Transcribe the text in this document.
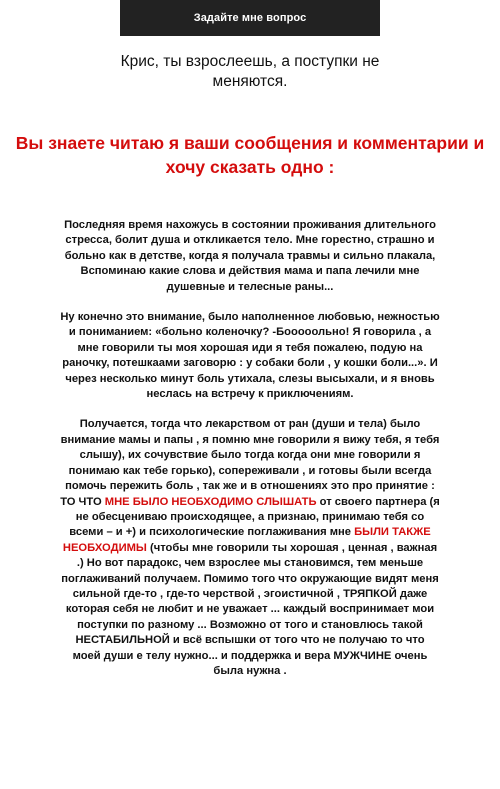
Задайте мне вопрос
Крис, ты взрослеешь, а поступки не меняются.
Вы знаете читаю я ваши сообщения и комментарии и хочу сказать одно :

Последняя время нахожусь в состоянии проживания длительного стресса, болит душа и откликается тело. Мне горестно, страшно и больно как в детстве, когда я получала травмы и сильно плакала, Вспоминаю какие слова и действия мама и папа лечили мне душевные и телесные раны...

Ну конечно это внимание, было наполненное любовью, нежностью и пониманием: «больно коленочку? -Бооооольно! Я говорила , а мне говорили ты моя хорошая иди я тебя пожалею, подую на ранoчку, потешкаами заговорю : у собаки боли , у кошки боли...». И через несколько минут боль утихала, слезы высыхали, и я вновь неслась на встречу к приключениям.

Получается, тогда что лекарством от ран (души и тела) было внимание мамы и папы , я помню мне говорили я вижу тебя, я тебя слышу), их сочувствие было тогда когда они мне говорили я понимаю как тебе горько), сопереживали , и готовы были всегда помочь пережить боль , так же и в отношениях это про принятие : ТО ЧТО МНЕ БЫЛО НЕОБХОДИМО СЛЫШАТЬ от своего партнера (я не обесцениваю происходящее, а признаю, принимаю тебя со всеми – и +) и психологические поглаживания мне БЫЛИ ТАКЖЕ НЕОБХОДИМЫ (чтобы мне говорили ты хорошая , ценная , важная .) Но вот парадокс, чем взрослее мы становимся, тем меньше поглаживаний получаем. Помимо того что окружающие видят меня сильной где-то , где-то черствой , эгоистичной , ТРЯПКОЙ даже которая себя не любит и не уважает ... каждый воспринимает мои поступки по разному ... Возможно от того и становлюсь такой НЕСТАБИЛЬНОЙ и всё вспышки от того что не получаю то что моей души е телу нужно... и поддержка и вера МУЖЧИНЕ очень была нужна .
